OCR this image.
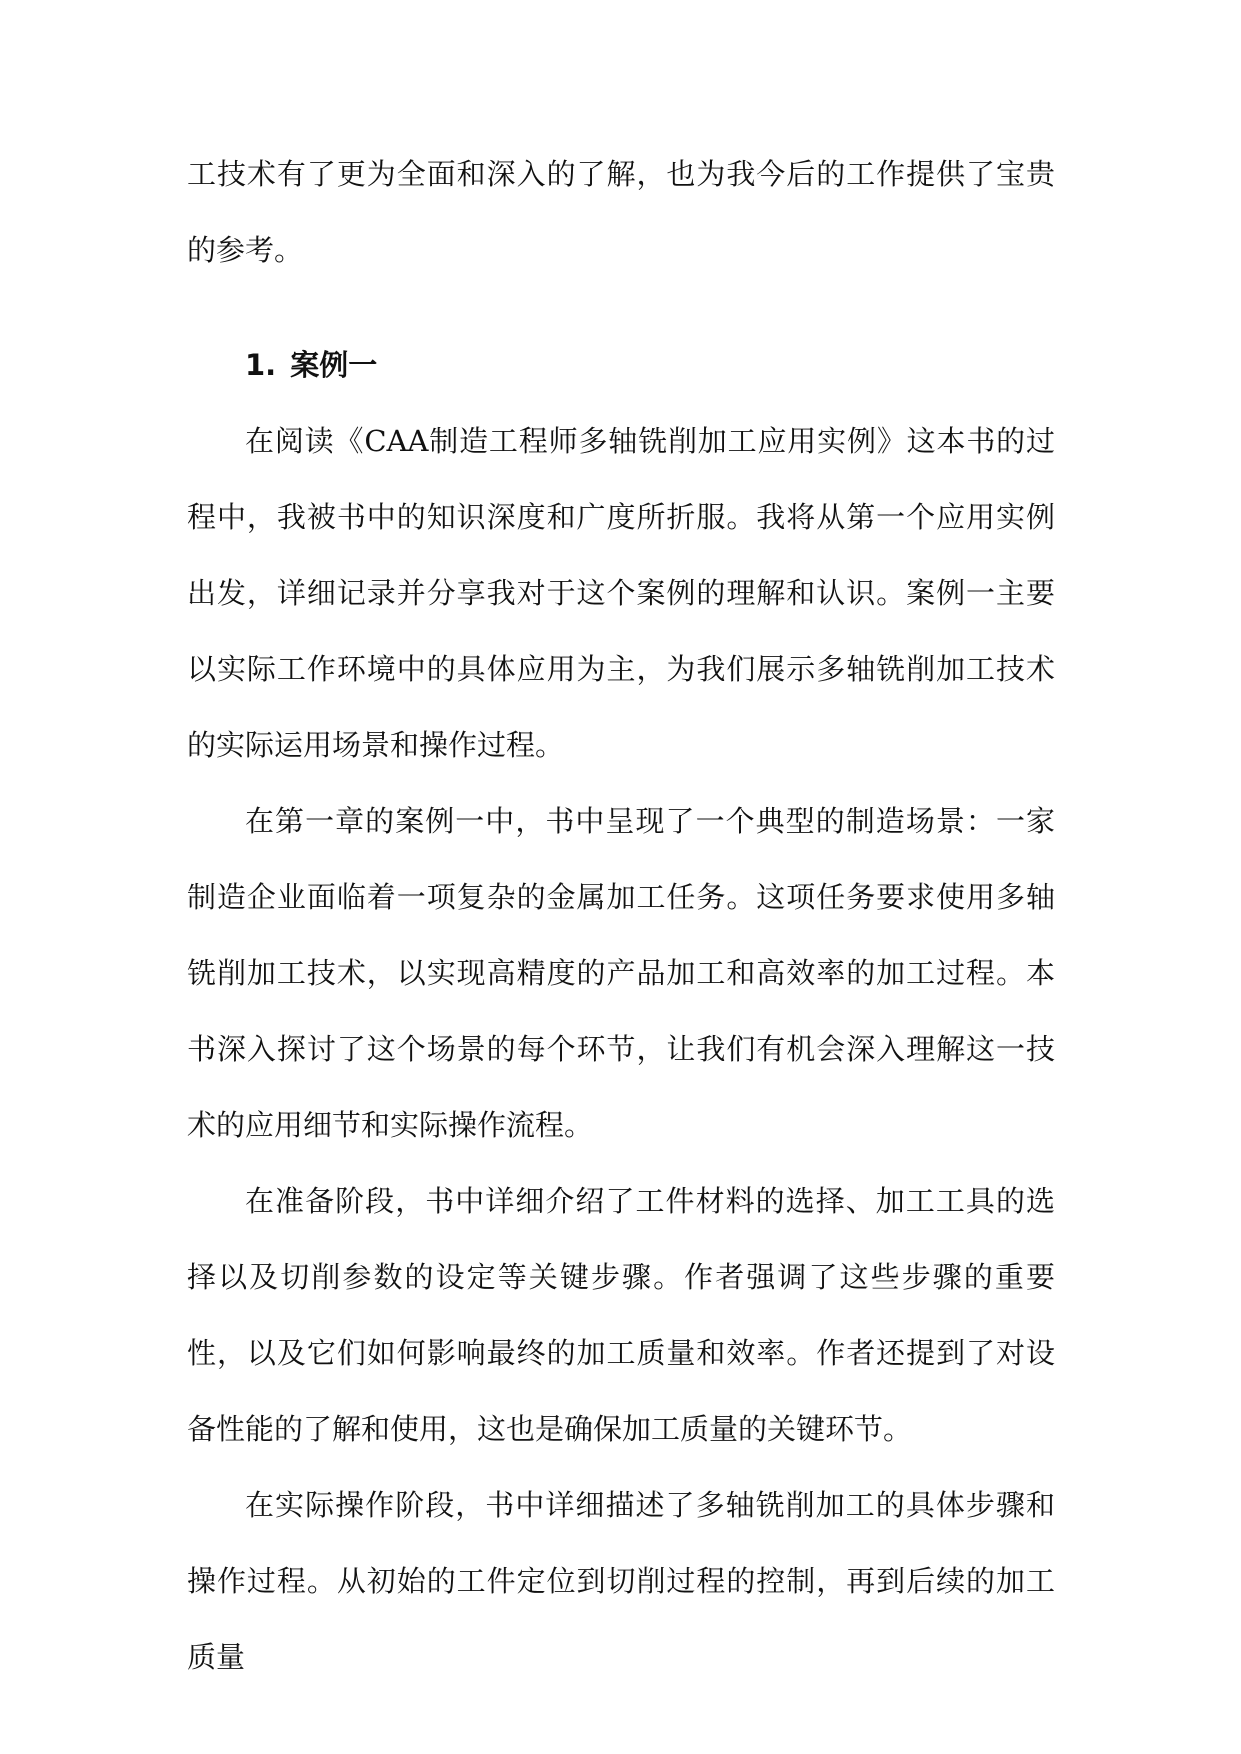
工技术有了更为全面和深入的了解，也为我今后的工作提供了宝贵的参考。

1. 案例一

在阅读《CAA制造工程师多轴铣削加工应用实例》这本书的过程中，我被书中的知识深度和广度所折服。我将从第一个应用实例出发，详细记录并分享我对于这个案例的理解和认识。案例一主要以实际工作环境中的具体应用为主，为我们展示多轴铣削加工技术的实际运用场景和操作过程。

在第一章的案例一中，书中呈现了一个典型的制造场景：一家制造企业面临着一项复杂的金属加工任务。这项任务要求使用多轴铣削加工技术，以实现高精度的产品加工和高效率的加工过程。本书深入探讨了这个场景的每个环节，让我们有机会深入理解这一技术的应用细节和实际操作流程。

在准备阶段，书中详细介绍了工件材料的选择、加工工具的选择以及切削参数的设定等关键步骤。作者强调了这些步骤的重要性，以及它们如何影响最终的加工质量和效率。作者还提到了对设备性能的了解和使用，这也是确保加工质量的关键环节。

在实际操作阶段，书中详细描述了多轴铣削加工的具体步骤和操作过程。从初始的工件定位到切削过程的控制，再到后续的加工质量
